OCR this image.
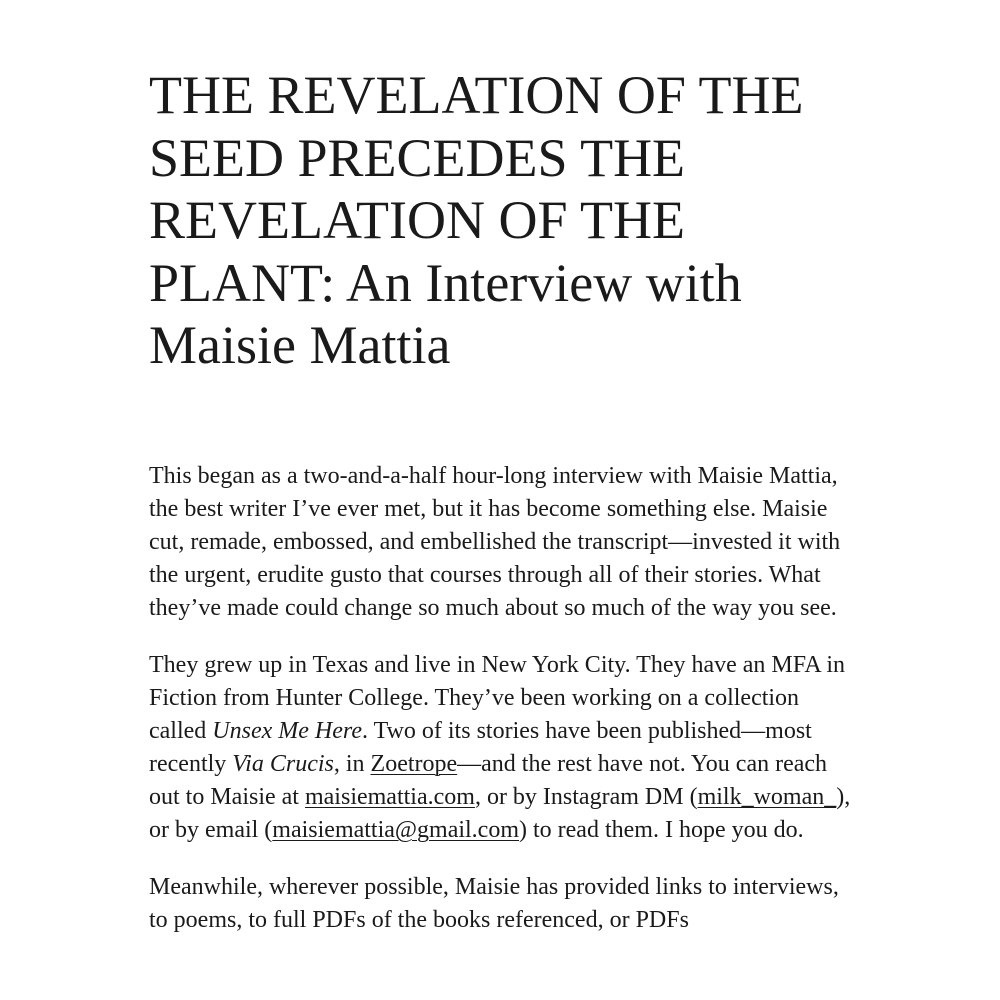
THE REVELATION OF THE SEED PRECEDES THE REVELATION OF THE PLANT: An Interview with Maisie Mattia

This began as a two-and-a-half hour-long interview with Maisie Mattia, the best writer I’ve ever met, but it has become something else. Maisie cut, remade, embossed, and embellished the transcript—invested it with the urgent, erudite gusto that courses through all of their stories. What they’ve made could change so much about so much of the way you see.

They grew up in Texas and live in New York City. They have an MFA in Fiction from Hunter College. They’ve been working on a collection called Unsex Me Here. Two of its stories have been published—most recently Via Crucis, in Zoetrope—and the rest have not. You can reach out to Maisie at maisiemattia.com, or by Instagram DM (milk_woman_), or by email (maisiemattia@gmail.com) to read them. I hope you do.

Meanwhile, wherever possible, Maisie has provided links to interviews, to poems, to full PDFs of the books referenced, or PDFs
